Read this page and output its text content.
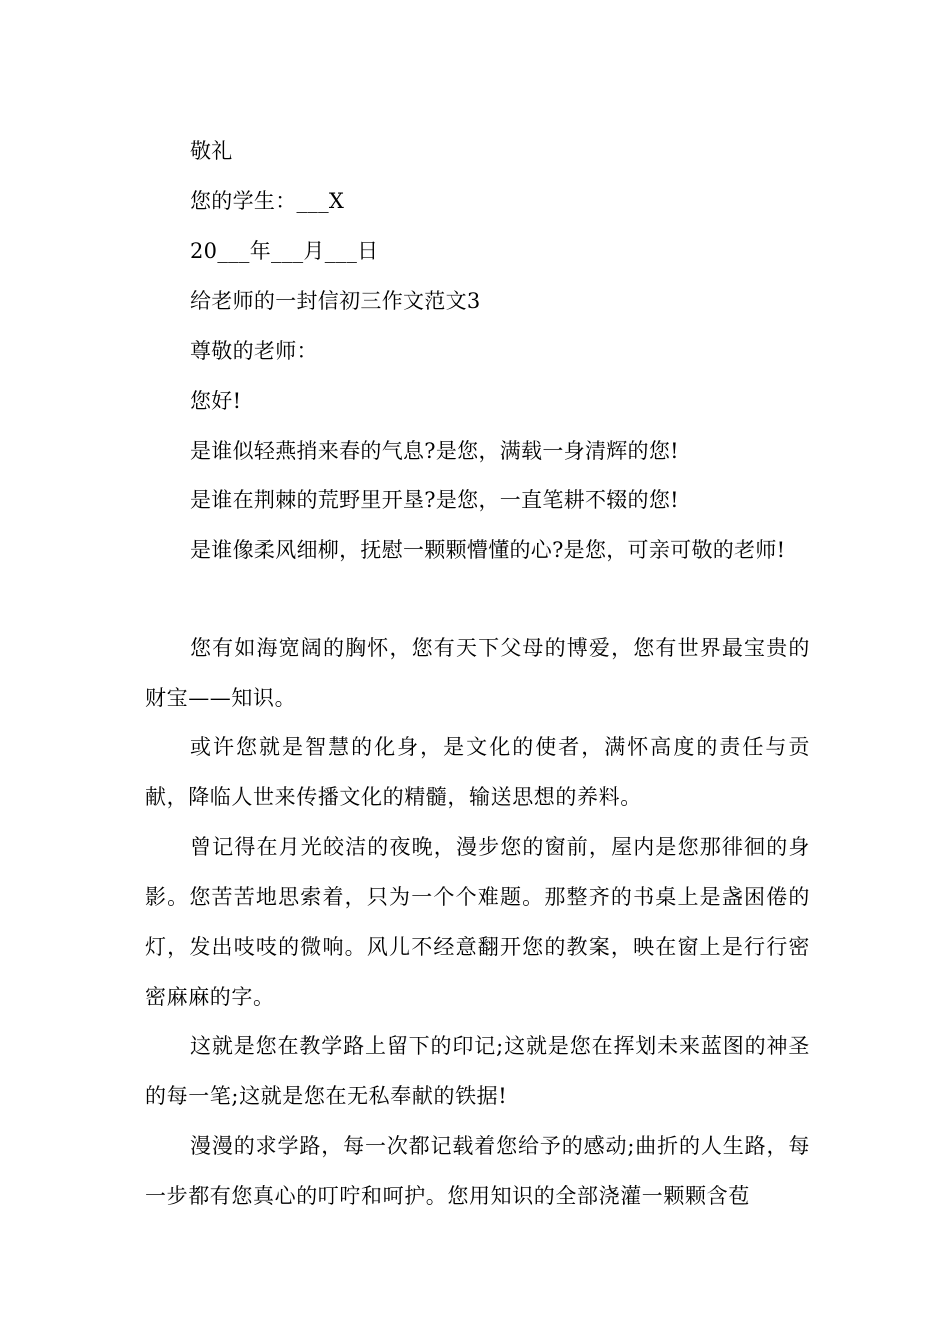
敬礼
您的学生：___X
20___年___月___日
给老师的一封信初三作文范文3
尊敬的老师：
您好!
是谁似轻燕捎来春的气息?是您，满载一身清辉的您!
是谁在荆棘的荒野里开垦?是您，一直笔耕不辍的您!
是谁像柔风细柳，抚慰一颗颗懵懂的心?是您，可亲可敬的老师!
您有如海宽阔的胸怀，您有天下父母的博爱，您有世界最宝贵的财宝——知识。
或许您就是智慧的化身，是文化的使者，满怀高度的责任与贡献，降临人世来传播文化的精髓，输送思想的养料。
曾记得在月光皎洁的夜晚，漫步您的窗前，屋内是您那徘徊的身影。您苦苦地思索着，只为一个个难题。那整齐的书桌上是盏困倦的灯，发出吱吱的微响。风儿不经意翻开您的教案，映在窗上是行行密密麻麻的字。
这就是您在教学路上留下的印记;这就是您在挥划未来蓝图的神圣的每一笔;这就是您在无私奉献的铁据!
漫漫的求学路，每一次都记载着您给予的感动;曲折的人生路，每一步都有您真心的叮咛和呵护。您用知识的全部浇灌一颗颗含苞
